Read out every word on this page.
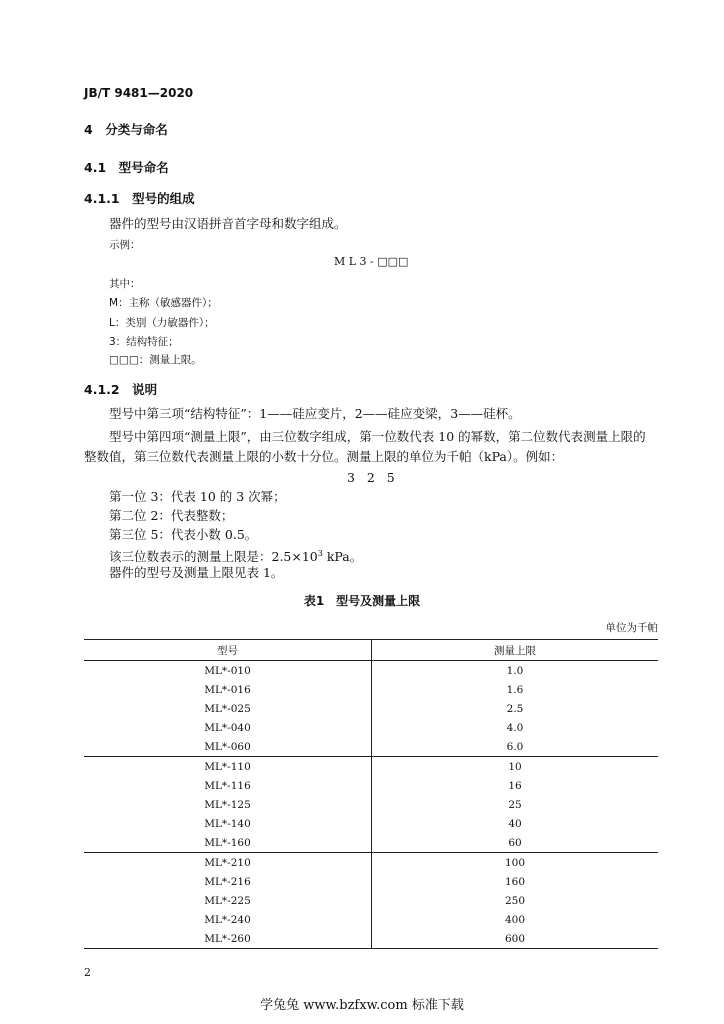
JB/T 9481—2020
4　分类与命名
4.1　型号命名
4.1.1　型号的组成
器件的型号由汉语拼音首字母和数字组成。
示例：
M L 3 - □□□
其中：
M：主称（敏感器件）；
L：类别（力敏器件）；
3：结构特征；
□□□：测量上限。
4.1.2　说明
型号中第三项“结构特征”：1——硅应变片，2——硅应变梁，3——硅杯。
型号中第四项“测量上限”，由三位数字组成，第一位数代表 10 的幂数，第二位数代表测量上限的
整数值，第三位数代表测量上限的小数十分位。测量上限的单位为千帕（kPa）。例如：
3   2   5
第一位 3：代表 10 的 3 次幂；
第二位 2：代表整数；
第三位 5：代表小数 0.5。
该三位数表示的测量上限是：$2.5\times 10^3$ kPa。
器件的型号及测量上限见表 1。
表1　型号及测量上限
单位为千帕
型号	测量上限
ML*-010	1.0
ML*-016	1.6
ML*-025	2.5
ML*-040	4.0
ML*-060	6.0
ML*-110	10
ML*-116	16
ML*-125	25
ML*-140	40
ML*-160	60
ML*-210	100
ML*-216	160
ML*-225	250
ML*-240	400
ML*-260	600
2
学兔兔 www.bzfxw.com 标准下载
